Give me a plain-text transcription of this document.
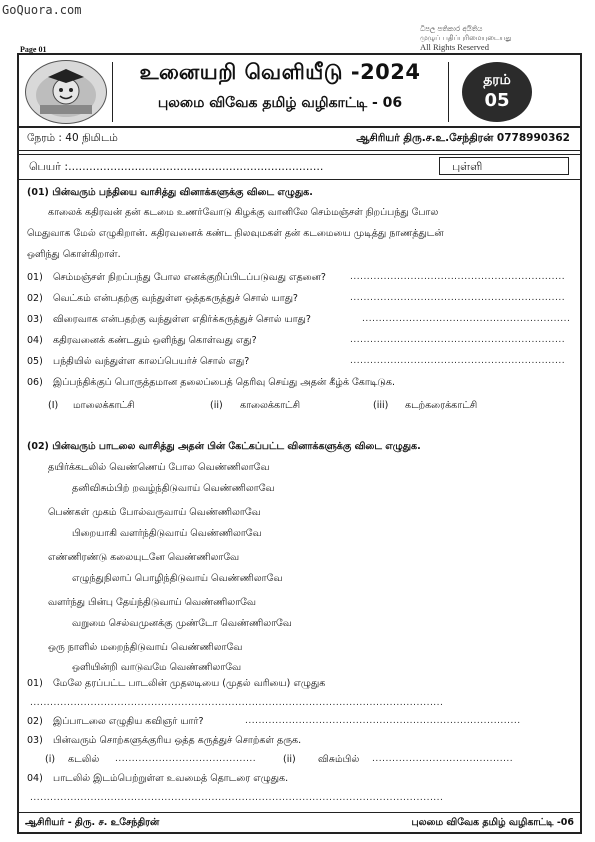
GoQuora.com
Page 01
ධිපල පතිකාර අයිතිය
முழுப் பதிப்புரிமையுடையது
All Rights Reserved
உனையறி வெளியீடு -2024
புலமை விவேக தமிழ் வழிகாட்டி - 06
தரம்
05
நேரம் : 40 நிமிடம்	ஆசிரியர் திரு.ச.உ.சேந்திரன் 0778990362
பெயர் :.........................................................................	புள்ளி
(01) பின்வரும் பந்தியை வாசித்து வினாக்களுக்கு விடை எழுதுக.
காலைக் கதிரவன் தன் கடமை உணர்வோடு கிழக்கு வானிலே செம்மஞ்சள் நிறப்பந்து போல
மெதுவாக மேல் எழுகிறான். கதிரவனைக் கண்ட நிலவுமகள் தன் கடமையை முடித்து நாணத்துடன்
ஒளிந்து கொள்கிறாள்.
01) செம்மஞ்சள் நிறப்பந்து போல எனக்குறிப்பிடப்படுவது எதனை?	................................................................
02) வெட்கம் என்பதற்கு வந்துள்ள ஒத்தகருத்துச் சொல் யாது?	................................................................
03) விரைவாக என்பதற்கு வந்துள்ள எதிர்க்கருத்துச் சொல் யாது?	..............................................................
04) கதிரவனைக் கண்டதும் ஒளிந்து கொள்வது எது?	................................................................
05) பந்தியில் வந்துள்ள காலப்பெயர்ச் சொல் எது?	................................................................
06) இப்பந்திக்குப் பொருத்தமான தலைப்பைத் தெரிவு செய்து அதன் கீழ்க் கோடிடுக.
(I) மாலைக்காட்சி	(ii) காலைக்காட்சி	(iii) கடற்கரைக்காட்சி
(02) பின்வரும் பாடலை வாசித்து அதன் பின் கேட்கப்பட்ட வினாக்களுக்கு விடை எழுதுக.
தயிர்க்கடலில் வெண்ணெய் போல வெண்ணிலாவே
தனிவிசும்பிற் றவழ்ந்திடுவாய் வெண்ணிலாவே
பெண்கள் முகம் போல்வருவாய் வெண்ணிலாவே
பிறையாகி வளர்ந்திடுவாய் வெண்ணிலாவே
எண்ணிரண்டு கலையுடனே வெண்ணிலாவே
எழுந்துநிலாப் பொழிந்திடுவாய் வெண்ணிலாவே
வளர்ந்து பின்பு தேய்ந்திடுவாய் வெண்ணிலாவே
வறுமை செல்வமுனக்கு முண்டோ வெண்ணிலாவே
ஒரு நாளில் மறைந்திடுவாய் வெண்ணிலாவே
ஒளியின்றி வாடுவமே வெண்ணிலாவே
01) மேலே தரப்பட்ட பாடலின் முதலடியை (முதல் வரியை) எழுதுக
...........................................................................................................................
02) இப்பாடலை எழுதிய கவிஞர் யார்?	..................................................................................
03) பின்வரும் சொற்களுக்குரிய ஒத்த கருத்துச் சொற்கள் தருக.
(i) கடலில் ..........................................	(ii) விசும்பில் ..........................................
04) பாடலில் இடம்பெற்றுள்ள உவமைத் தொடரை எழுதுக.
...........................................................................................................................
ஆசிரியர் - திரு. ச. உசேந்திரன்	புலமை விவேக தமிழ் வழிகாட்டி -06
